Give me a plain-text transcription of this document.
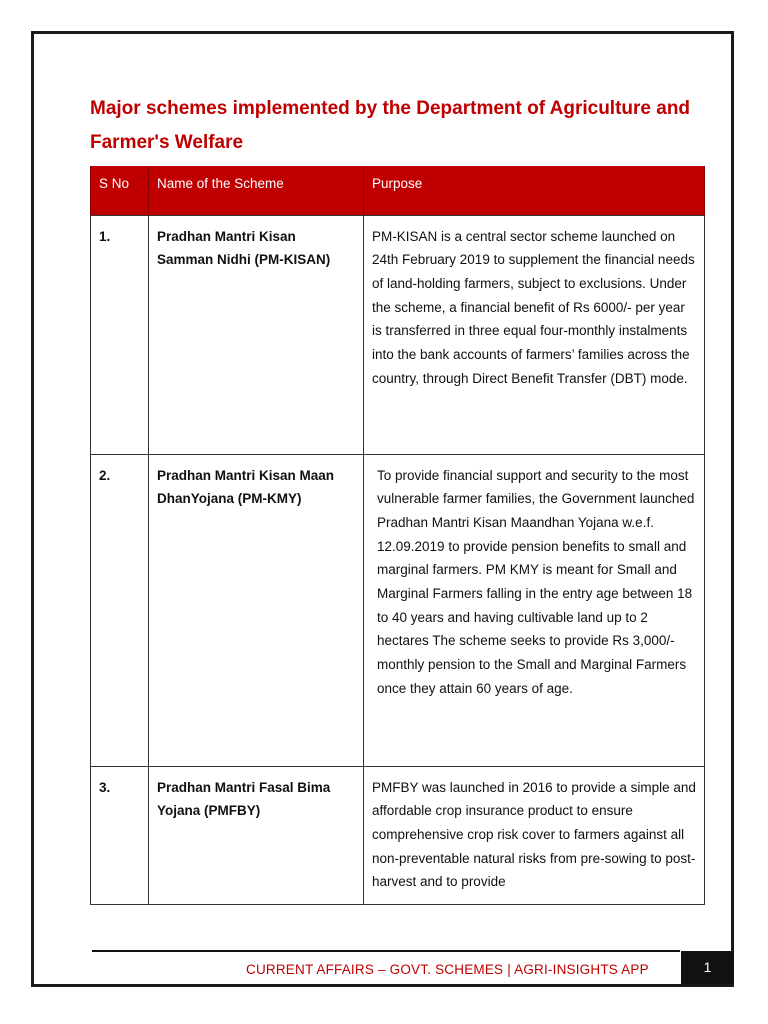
Major schemes implemented by the Department of Agriculture and Farmer's Welfare
S No	Name of the Scheme	Purpose
1.	Pradhan Mantri Kisan Samman Nidhi (PM-KISAN)	PM-KISAN is a central sector scheme launched on 24th February 2019 to supplement the financial needs of land-holding farmers, subject to exclusions. Under the scheme, a financial benefit of Rs 6000/- per year is transferred in three equal four-monthly instalments into the bank accounts of farmers’ families across the country, through Direct Benefit Transfer (DBT) mode.
2.	Pradhan Mantri Kisan Maan DhanYojana (PM-KMY)	To provide financial support and security to the most vulnerable farmer families, the Government launched Pradhan Mantri Kisan Maandhan Yojana w.e.f. 12.09.2019 to provide pension benefits to small and marginal farmers. PM KMY is meant for Small and Marginal Farmers falling in the entry age between 18 to 40 years and having cultivable land up to 2 hectares The scheme seeks to provide Rs 3,000/- monthly pension to the Small and Marginal Farmers once they attain 60 years of age.
3.	Pradhan Mantri Fasal Bima Yojana (PMFBY)	PMFBY was launched in 2016 to provide a simple and affordable crop insurance product to ensure comprehensive crop risk cover to farmers against all non-preventable natural risks from pre-sowing to post-harvest and to provide
CURRENT AFFAIRS – GOVT. SCHEMES | AGRI-INSIGHTS APP	1
